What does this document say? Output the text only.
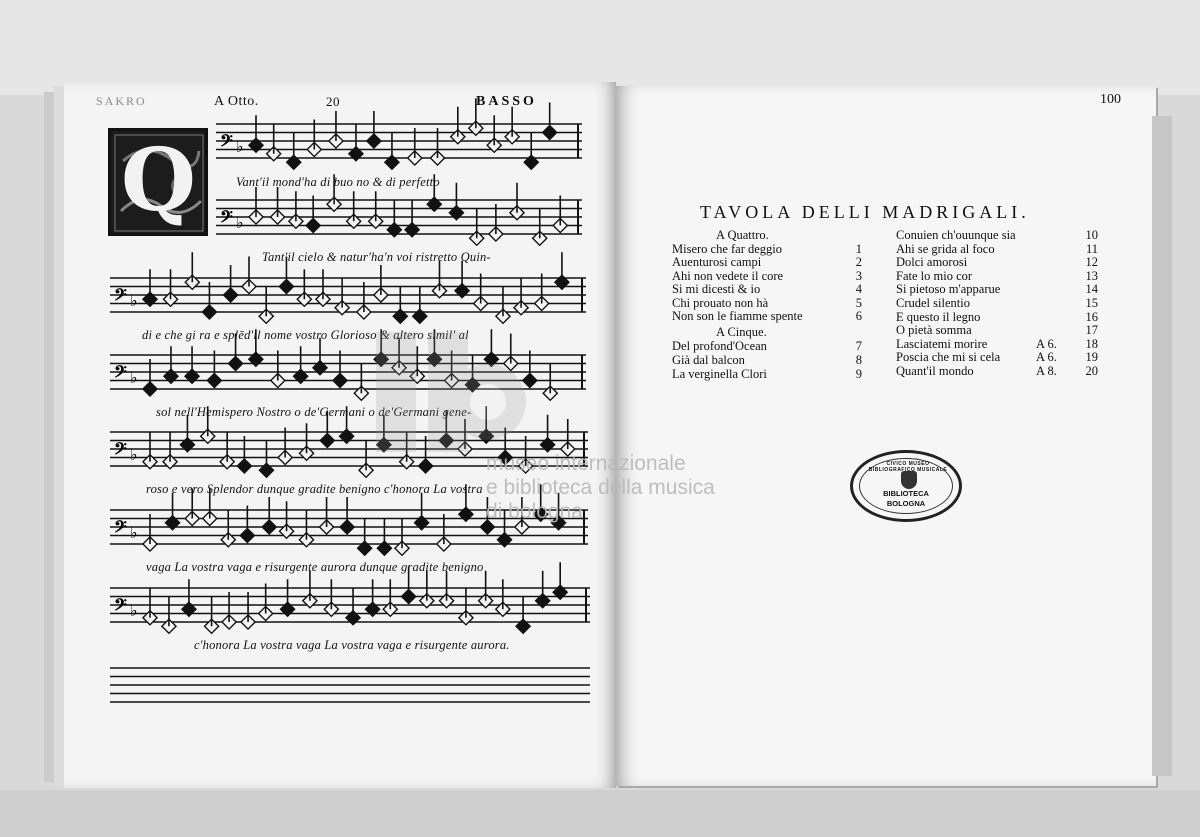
SAKRO	A Otto.	20	BASSO	100
Q 𝄢 ♭
𝄢 ♭
𝄢 ♭
𝄢 ♭
𝄢 ♭
𝄢 ♭
𝄢 ♭
Vant'il mond'ha di buo no & di perfetto
Tant'il cielo & natur'ha'n voi ristretto Quin-
di e che gi ra e splēd'il nome vostro Glorioso & altero simil' al
sol nell'Hemispero Nostro o de'Germani o de'Germani gene-
roso e vero Splendor dunque gradite benigno c'honora La vostra
vaga La vostra vaga e risurgente aurora dunque gradite benigno
c'honora La vostra vaga La vostra vaga e risurgente aurora.
museo internazionale
e biblioteca della musica
di bologna
TAVOLA DELLI MADRIGALI.
A Quattro.
A Cinque.
Misero che far deggio	1
Auenturosi campi	2
Ahi non vedete il core	3
Si mi dicesti & io	4
Chi prouato non hà	5
Non son le fiamme spente	6
Del profond'Ocean	7
Già dal balcon	8
La verginella Clori	9
Conuien ch'ouunque sia	10
Ahi se grida al foco	11
Dolci amorosi	12
Fate lo mio cor	13
Si pietoso m'apparue	14
Crudel silentio	15
E questo il legno	16
O pietà somma	17
Lasciatemi morire	A 6.	18
Poscia che mi si cela	A 6.	19
Quant'il mondo	A 8.	20
CIVICO MUSEO BIBLIOGRAFICO MUSICALE
BIBLIOTECA
BOLOGNA
